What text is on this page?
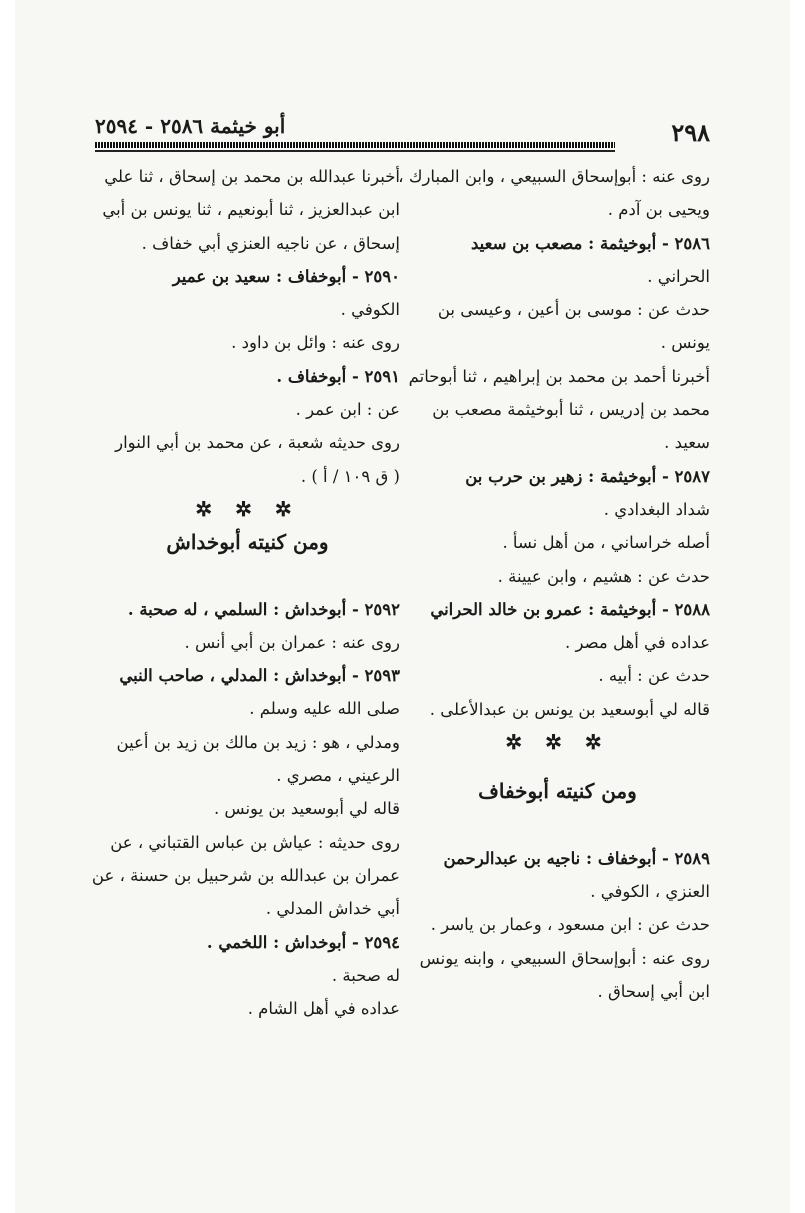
أبو خيثمة ٢٥٨٦ - ٢٥٩٤	٢٩٨
روى عنه : أبوإسحاق السبيعي ، وابن المبارك ،
ويحيى بن آدم .
٢٥٨٦ - أبوخيثمة : مصعب بن سعيد
الحراني .
حدث عن : موسى بن أعين ، وعيسى بن
يونس .
أخبرنا أحمد بن محمد بن إبراهيم ، ثنا أبوحاتم
محمد بن إدريس ، ثنا أبوخيثمة مصعب بن
سعيد .
٢٥٨٧ - أبوخيثمة : زهير بن حرب بن
شداد البغدادي .
أصله خراساني ، من أهل نسأ .
حدث عن : هشيم ، وابن عيينة .
٢٥٨٨ - أبوخيثمة : عمرو بن خالد الحراني
عداده في أهل مصر .
حدث عن : أبيه .
قاله لي أبوسعيد بن يونس بن عبدالأعلى .
✲ ✲ ✲
ومن كنيته أبوخفاف
٢٥٨٩ - أبوخفاف : ناجيه بن عبدالرحمن
العنزي ، الكوفي .
حدث عن : ابن مسعود ، وعمار بن ياسر .
روى عنه : أبوإسحاق السبيعي ، وابنه يونس
ابن أبي إسحاق .
أخبرنا عبدالله بن محمد بن إسحاق ، ثنا علي
ابن عبدالعزيز ، ثنا أبونعيم ، ثنا يونس بن أبي
إسحاق ، عن ناجيه العنزي أبي خفاف .
٢٥٩٠ - أبوخفاف : سعيد بن عمير
الكوفي .
روى عنه : وائل بن داود .
٢٥٩١ - أبوخفاف .
عن : ابن عمر .
روى حديثه شعبة ، عن محمد بن أبي النوار
( ق ١٠٩ / أ ) .
✲ ✲ ✲
ومن كنيته أبوخداش
٢٥٩٢ - أبوخداش : السلمي ، له صحبة .
روى عنه : عمران بن أبي أنس .
٢٥٩٣ - أبوخداش : المدلي ، صاحب النبي
صلى الله عليه وسلم .
ومدلي ، هو : زيد بن مالك بن زيد بن أعين
الرعيني ، مصري .
قاله لي أبوسعيد بن يونس .
روى حديثه : عياش بن عباس القتباني ، عن
عمران بن عبدالله بن شرحبيل بن حسنة ، عن
أبي خداش المدلي .
٢٥٩٤ - أبوخداش : اللخمي .
له صحبة .
عداده في أهل الشام .
